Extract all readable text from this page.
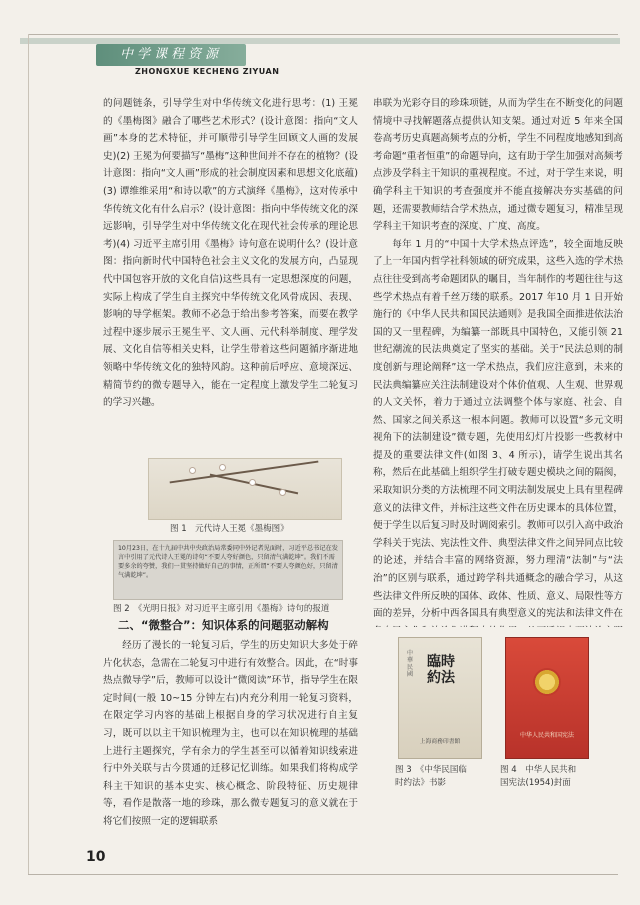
中学课程资源
ZHONGXUE KECHENG ZIYUAN

的问题链条，引导学生对中华传统文化进行思考：(1) 王冕的《墨梅图》融合了哪些艺术形式？(设计意图：指向“文人画”本身的艺术特征，并可顺带引导学生回顾文人画的发展史)(2) 王冕为何要描写“墨梅”这种世间并不存在的植物？(设计意图：指向“文人画”形成的社会制度因素和思想文化底蕴)(3) 谭维维采用“和诗以歌”的方式演绎《墨梅》，这对传承中华传统文化有什么启示？(设计意图：指向中华传统文化的深远影响，引导学生对中华传统文化在现代社会传承的理论思考)(4) 习近平主席引用《墨梅》诗句意在说明什么？(设计意图：指向新时代中国特色社会主义文化的发展方向，凸显现代中国包容开放的文化自信)这些具有一定思想深度的问题，实际上构成了学生自主探究中华传统文化风骨成因、表现、影响的导学框架。教师不必急于给出参考答案，而要在教学过程中逐步展示王冕生平、文人画、元代科举制度、理学发展、文化自信等相关史料，让学生带着这些问题循序渐进地领略中华传统文化的独特风韵。这种前后呼应、意境深远、精简节约的微专题导入，能在一定程度上激发学生二轮复习的学习兴趣。

图 1　元代诗人王冕《墨梅图》
10月23日，在十九届中共中央政治局常委同中外记者见面时，习近平总书记在发言中引用了元代诗人王冕的诗句“不要人夸好颜色，只留清气满乾坤”。我们不需要多余的夸赞，我们一贯坚持做好自己的事情，正所谓“不要人夸颜色好，只留清气满乾坤”。
图 2　《光明日报》对习近平主席引用《墨梅》诗句的报道
二、“微整合”：知识体系的问题驱动解构

经历了漫长的一轮复习后，学生的历史知识大多处于碎片化状态，急需在二轮复习中进行有效整合。因此，在“时事热点微导学”后，教师可以设计“微阅读”环节，指导学生在限定时间(一般 10~15 分钟左右)内充分利用一轮复习资料，在限定学习内容的基础上根据自身的学习状况进行自主复习，既可以以主干知识梳理为主，也可以在知识梳理的基础上进行主题探究，学有余力的学生甚至可以循着知识线索进行中外关联与古今贯通的迁移记忆训练。如果我们将构成学科主干知识的基本史实、核心概念、阶段特征、历史规律等，看作是散落一地的珍珠，那么微专题复习的意义就在于将它们按照一定的逻辑联系

串联为光彩夺目的珍珠项链，从而为学生在不断变化的问题情境中寻找解题落点提供认知支架。通过对近 5 年来全国卷高考历史真题高频考点的分析，学生不同程度地感知到高考命题“重者恒重”的命题导向，这有助于学生加强对高频考点涉及学科主干知识的重视程度。不过，对于学生来说，明确学科主干知识的考查强度并不能直接解决夯实基础的问题，还需要教师结合学术热点，通过微专题复习，精准呈现学科主干知识考查的深度、广度、高度。

每年 1 月的“中国十大学术热点评选”，较全面地反映了上一年国内哲学社科领域的研究成果，这些入选的学术热点往往受到高考命题团队的瞩目，当年制作的考题往往与这些学术热点有着千丝万缕的联系。2017 年10 月 1 日开始施行的《中华人民共和国民法通则》是我国全面推进依法治国的又一里程碑，为编纂一部既具中国特色，又能引领 21 世纪潮流的民法典奠定了坚实的基础。关于“民法总则的制度创新与理论阐释”这一学术热点，我们应注意到，未来的民法典编纂应关注法制建设对个体价值观、人生观、世界观的人文关怀，着力于通过立法调整个体与家庭、社会、自然、国家之间关系这一根本问题。教师可以设置“多元文明视角下的法制建设”微专题，先使用幻灯片投影一些教材中提及的重要法律文件(如图 3、4 所示)，请学生说出其名称，然后在此基础上组织学生打破专题史模块之间的隔阂，采取知识分类的方法梳理不同文明法制发展史上具有里程碑意义的法律文件，并标注这些文件在历史课本的具体位置，便于学生以后复习时及时调阅索引。教师可以引入高中政治学科关于宪法、宪法性文件、典型法律文件之间异同点比较的论述，并结合丰富的网络资源，努力理清“法制”与“法治”的区别与联系，通过跨学科共通概念的融合学习，从这些法律文件所反映的国体、政体、性质、意义、局限性等方面的差异，分析中西各国具有典型意义的宪法和法律文件在

中華民國
臨時約法
上海商務印書館
图 3　《中华民国临
时约法》书影
中华人民共和国宪法
图 4　中华人民共和
国宪法(1954)封面
10
